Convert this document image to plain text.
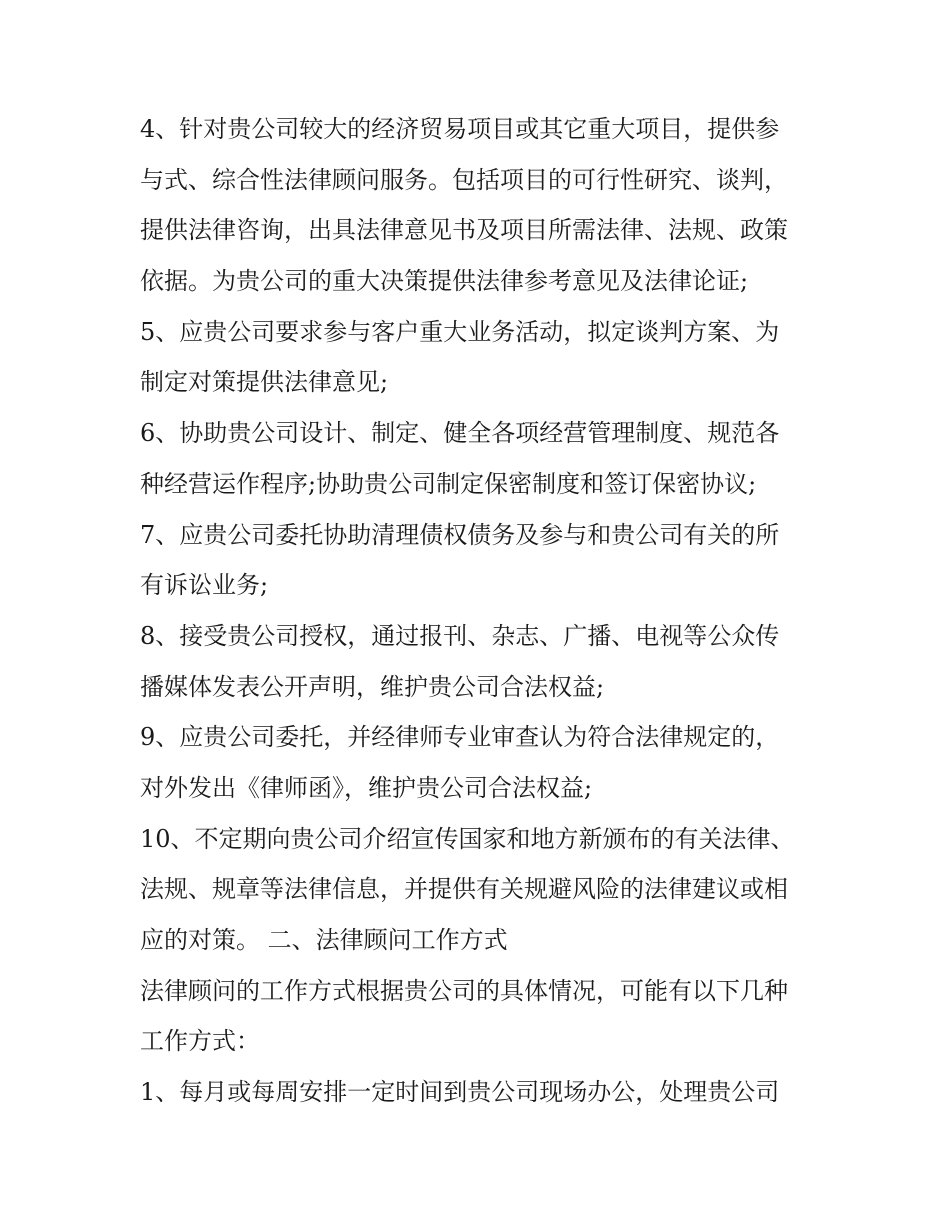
4、针对贵公司较大的经济贸易项目或其它重大项目，提供参
与式、综合性法律顾问服务。包括项目的可行性研究、谈判，
提供法律咨询，出具法律意见书及项目所需法律、法规、政策
依据。为贵公司的重大决策提供法律参考意见及法律论证;
5、应贵公司要求参与客户重大业务活动，拟定谈判方案、为
制定对策提供法律意见;
6、协助贵公司设计、制定、健全各项经营管理制度、规范各
种经营运作程序;协助贵公司制定保密制度和签订保密协议;
7、应贵公司委托协助清理债权债务及参与和贵公司有关的所
有诉讼业务;
8、接受贵公司授权，通过报刊、杂志、广播、电视等公众传
播媒体发表公开声明，维护贵公司合法权益;
9、应贵公司委托，并经律师专业审查认为符合法律规定的，
对外发出《律师函》，维护贵公司合法权益;
10、不定期向贵公司介绍宣传国家和地方新颁布的有关法律、
法规、规章等法律信息，并提供有关规避风险的法律建议或相
应的对策。 二、法律顾问工作方式
法律顾问的工作方式根据贵公司的具体情况，可能有以下几种
工作方式：
1、每月或每周安排一定时间到贵公司现场办公，处理贵公司
